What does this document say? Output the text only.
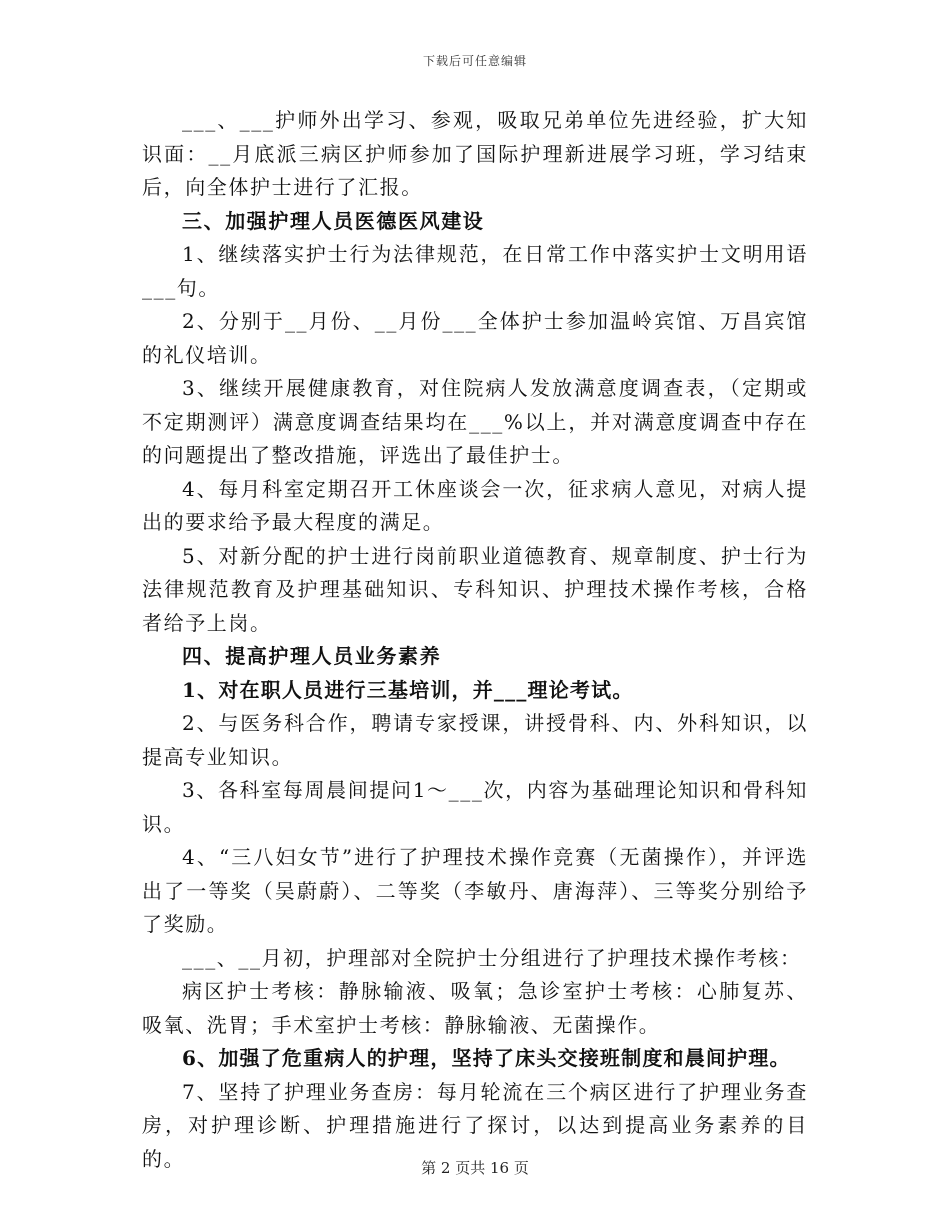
下载后可任意编辑

___、___护师外出学习、参观，吸取兄弟单位先进经验，扩大知识面：__月底派三病区护师参加了国际护理新进展学习班，学习结束后，向全体护士进行了汇报。

三、加强护理人员医德医风建设

1、继续落实护士行为法律规范，在日常工作中落实护士文明用语___句。

2、分别于__月份、__月份___全体护士参加温岭宾馆、万昌宾馆的礼仪培训。

3、继续开展健康教育，对住院病人发放满意度调查表，（定期或不定期测评）满意度调查结果均在___%以上，并对满意度调查中存在的问题提出了整改措施，评选出了最佳护士。

4、每月科室定期召开工休座谈会一次，征求病人意见，对病人提出的要求给予最大程度的满足。

5、对新分配的护士进行岗前职业道德教育、规章制度、护士行为法律规范教育及护理基础知识、专科知识、护理技术操作考核，合格者给予上岗。

四、提高护理人员业务素养

1、对在职人员进行三基培训，并___理论考试。

2、与医务科合作，聘请专家授课，讲授骨科、内、外科知识，以提高专业知识。

3、各科室每周晨间提问1～___次，内容为基础理论知识和骨科知识。

4、“三八妇女节”进行了护理技术操作竞赛（无菌操作），并评选出了一等奖（吴蔚蔚）、二等奖（李敏丹、唐海萍）、三等奖分别给予了奖励。

___、__月初，护理部对全院护士分组进行了护理技术操作考核：

病区护士考核：静脉输液、吸氧；急诊室护士考核：心肺复苏、吸氧、洗胃；手术室护士考核：静脉输液、无菌操作。

6、加强了危重病人的护理，坚持了床头交接班制度和晨间护理。

7、坚持了护理业务查房：每月轮流在三个病区进行了护理业务查房，对护理诊断、护理措施进行了探讨，以达到提高业务素养的目的。	第 2 页共 16 页
